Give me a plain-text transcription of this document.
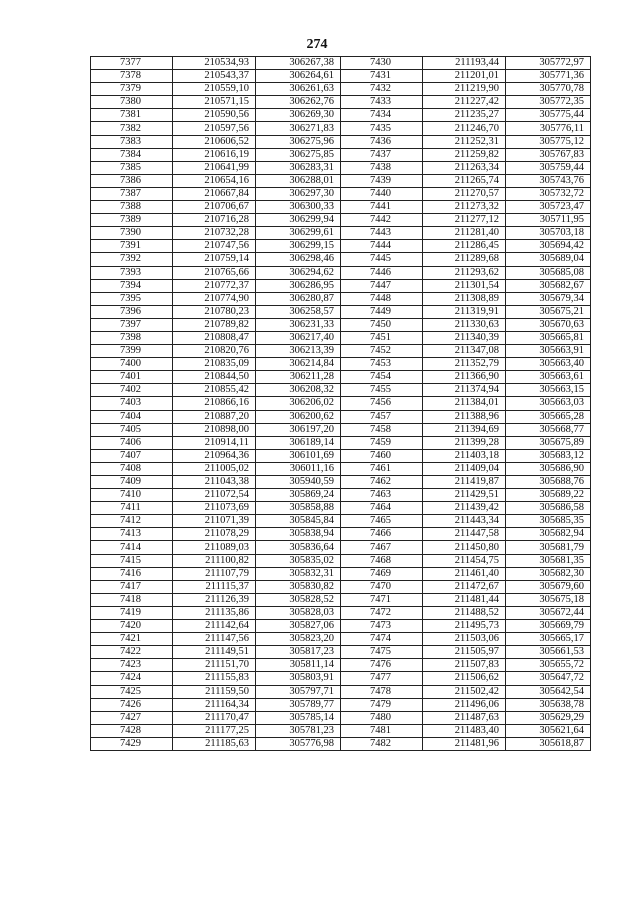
274
7377	210534,93	306267,38	7430	211193,44	305772,97
7378	210543,37	306264,61	7431	211201,01	305771,36
7379	210559,10	306261,63	7432	211219,90	305770,78
7380	210571,15	306262,76	7433	211227,42	305772,35
7381	210590,56	306269,30	7434	211235,27	305775,44
7382	210597,56	306271,83	7435	211246,70	305776,11
7383	210606,52	306275,96	7436	211252,31	305775,12
7384	210616,19	306275,85	7437	211259,82	305767,83
7385	210641,99	306283,31	7438	211263,34	305759,44
7386	210654,16	306288,01	7439	211265,74	305743,76
7387	210667,84	306297,30	7440	211270,57	305732,72
7388	210706,67	306300,33	7441	211273,32	305723,47
7389	210716,28	306299,94	7442	211277,12	305711,95
7390	210732,28	306299,61	7443	211281,40	305703,18
7391	210747,56	306299,15	7444	211286,45	305694,42
7392	210759,14	306298,46	7445	211289,68	305689,04
7393	210765,66	306294,62	7446	211293,62	305685,08
7394	210772,37	306286,95	7447	211301,54	305682,67
7395	210774,90	306280,87	7448	211308,89	305679,34
7396	210780,23	306258,57	7449	211319,91	305675,21
7397	210789,82	306231,33	7450	211330,63	305670,63
7398	210808,47	306217,40	7451	211340,39	305665,81
7399	210820,76	306213,39	7452	211347,08	305663,91
7400	210835,09	306214,84	7453	211352,79	305663,40
7401	210844,50	306211,28	7454	211366,90	305663,61
7402	210855,42	306208,32	7455	211374,94	305663,15
7403	210866,16	306206,02	7456	211384,01	305663,03
7404	210887,20	306200,62	7457	211388,96	305665,28
7405	210898,00	306197,20	7458	211394,69	305668,77
7406	210914,11	306189,14	7459	211399,28	305675,89
7407	210964,36	306101,69	7460	211403,18	305683,12
7408	211005,02	306011,16	7461	211409,04	305686,90
7409	211043,38	305940,59	7462	211419,87	305688,76
7410	211072,54	305869,24	7463	211429,51	305689,22
7411	211073,69	305858,88	7464	211439,42	305686,58
7412	211071,39	305845,84	7465	211443,34	305685,35
7413	211078,29	305838,94	7466	211447,58	305682,94
7414	211089,03	305836,64	7467	211450,80	305681,79
7415	211100,82	305835,02	7468	211454,75	305681,35
7416	211107,79	305832,31	7469	211461,40	305682,30
7417	211115,37	305830,82	7470	211472,67	305679,60
7418	211126,39	305828,52	7471	211481,44	305675,18
7419	211135,86	305828,03	7472	211488,52	305672,44
7420	211142,64	305827,06	7473	211495,73	305669,79
7421	211147,56	305823,20	7474	211503,06	305665,17
7422	211149,51	305817,23	7475	211505,97	305661,53
7423	211151,70	305811,14	7476	211507,83	305655,72
7424	211155,83	305803,91	7477	211506,62	305647,72
7425	211159,50	305797,71	7478	211502,42	305642,54
7426	211164,34	305789,77	7479	211496,06	305638,78
7427	211170,47	305785,14	7480	211487,63	305629,29
7428	211177,25	305781,23	7481	211483,40	305621,64
7429	211185,63	305776,98	7482	211481,96	305618,87
